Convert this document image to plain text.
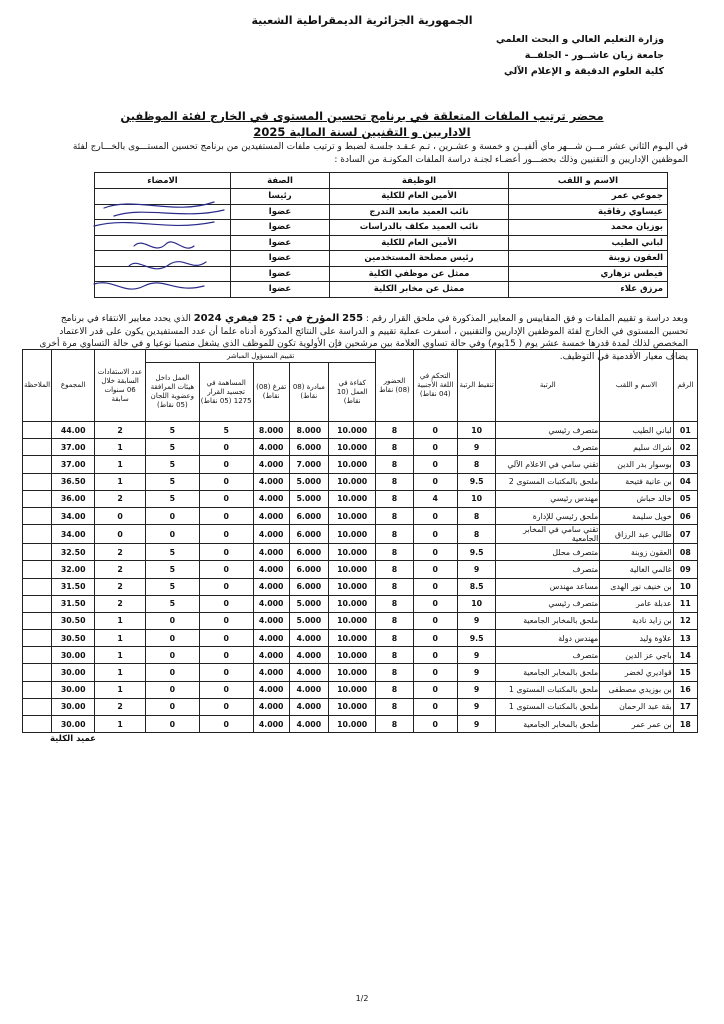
الجمهورية الجزائرية الديمقراطية الشعبية
وزارة التعليم العالي و البحث العلمي
جامعة زيان عاشــور - الجلفــة
كلية العلوم الدقيقة و الإعلام الآلي
محضر ترتيب الملفات المتعلقة في برنامج تحسين المستوى في الخارج لفئة الموظفين
الاداريين و التقنيين لسنة المالية 2025
في اليـوم الثاني عشر مـــن شـــهر ماي ألفيــن و خمسة و عشـرين ، تـم عـقـد جلسـة لضبط و ترتيب ملفات المستفيدين من برنامج تحسين المستـــوى بالخـــارج لفئة الموظفين الإداريين و التقنيين وذلك بحضـــور أعضـاء لجنـة دراسة الملفات المكونـة من السادة :
الاسم و اللقب	الوظيفة	الصفة	الامضاء
جموعي عمر	الأمين العام للكلية	رئيسا	
عيساوي رقاقية	نائب العميد مابعد التدرج	عضوا	
بوزيان محمد	نائب العميد مكلف بالدراسات	عضوا	
لباني الطيب	الأمين العام للكلية	عضوا	
العقون زوبنة	رئيس مصلحة المستخدمين	عضوا	
فيطس تزهاري	ممثل عن موظفي الكلية	عضوا	
مرزق علاء	ممثل عن مخابر الكلية	عضوا	
وبعد دراسة و تقييم الملفات و فق المقاييس و المعايير المذكورة في ملحق القرار رقم : 255 المؤرخ في : 25 فيفري 2024 الذي يحدد معايير الانتقاء في برنامج تحسين المستوى في الخارج لفئة الموظفين الإداريين والتقنيين ، أسفرت عملية تقييم و الدراسة على النتائج المذكورة أدناه علما أن عدد المستفيدين يكون على قدر الاعتماد المخصص لذلك لمدة قدرها خمسة عشر يوم ( 15يوم) وفي حالة تساوي العلامة بين مرشحين فإن الأولوية تكون للموظف الذي يشغل منصبا نوعيا و في حالة التساوي مرة أخرى يضاف معيار الأقدمية في التوظيف.
الرقم	الاسم و اللقب	الرتبة	تنقيط الرتبة	التحكم في اللغة الأجنبية (04 نقاط)	الحضور (08) نقاط	تقييم المسؤول المباشر					عدد الاستفادات السابقة خلال 06 سنوات سابقة	المجموع	الملاحظة
						كفاءة في العمل (10 نقاط)	مبادرة (08 نقاط)	تفرغ (08) نقاط)	المساهمة في تجسيد القرار 1275 (05 نقاط)	العمل داخل هيئات المرافقة وعضوية اللجان (05 نقاط)			
01	لباني الطيب	متصرف رئيسي	10	0	8	10.000	8.000	8.000	5	5	2	44.00	
02	شراك سليم	متصرف	9	0	8	10.000	6.000	4.000	0	5	1	37.00	
03	بوسوار بدر الدين	تقني سامي في الاعلام الآلي	8	0	8	10.000	7.000	4.000	0	5	1	37.00	
04	بن عانية فتيحة	ملحق بالمكتبات المستوى 2	9.5	0	8	10.000	5.000	4.000	0	5	1	36.50	
05	خالد حباش	مهندس رئيسي	10	4	8	10.000	5.000	4.000	0	5	2	36.00	
06	خويل سليمة	ملحق رئيسي للإدارة	8	0	8	10.000	6.000	4.000	0	0	0	34.00	
07	طالبي عبد الرزاق	تقني سامي في المخابر الجامعية	8	0	8	10.000	6.000	4.000	0	0	0	34.00	
08	العقون زوبنة	متصرف محلل	9.5	0	8	10.000	6.000	4.000	0	5	2	32.50	
09	غالمي الغالية	متصرف	9	0	8	10.000	6.000	4.000	0	5	2	32.00	
10	بن خنيف نور الهدى	مساعد مهندس	8.5	0	8	10.000	6.000	4.000	0	5	2	31.50	
11	عدبلة عامر	متصرف رئيسي	10	0	8	10.000	5.000	4.000	0	5	2	31.50	
12	بن زايد نادية	ملحق بالمخابر الجامعية	9	0	8	10.000	5.000	4.000	0	0	1	30.50	
13	علاوة وليد	مهندس دولة	9.5	0	8	10.000	4.000	4.000	0	0	1	30.50	
14	باجي عز الدين	متصرف	9	0	8	10.000	4.000	4.000	0	0	1	30.00	
15	قواديري لخضر	ملحق بالمخابر الجامعية	9	0	8	10.000	4.000	4.000	0	0	1	30.00	
16	بن بوزيدي مصطفى	ملحق بالمكتبات المستوى 1	9	0	8	10.000	4.000	4.000	0	0	1	30.00	
17	بقة عبد الرحمان	ملحق بالمكتبات المستوى 1	9	0	8	10.000	4.000	4.000	0	0	2	30.00	
18	بن عمر عمر	ملحق بالمخابر الجامعية	9	0	8	10.000	4.000	4.000	0	0	1	30.00	
عميد الكلية
1/2
